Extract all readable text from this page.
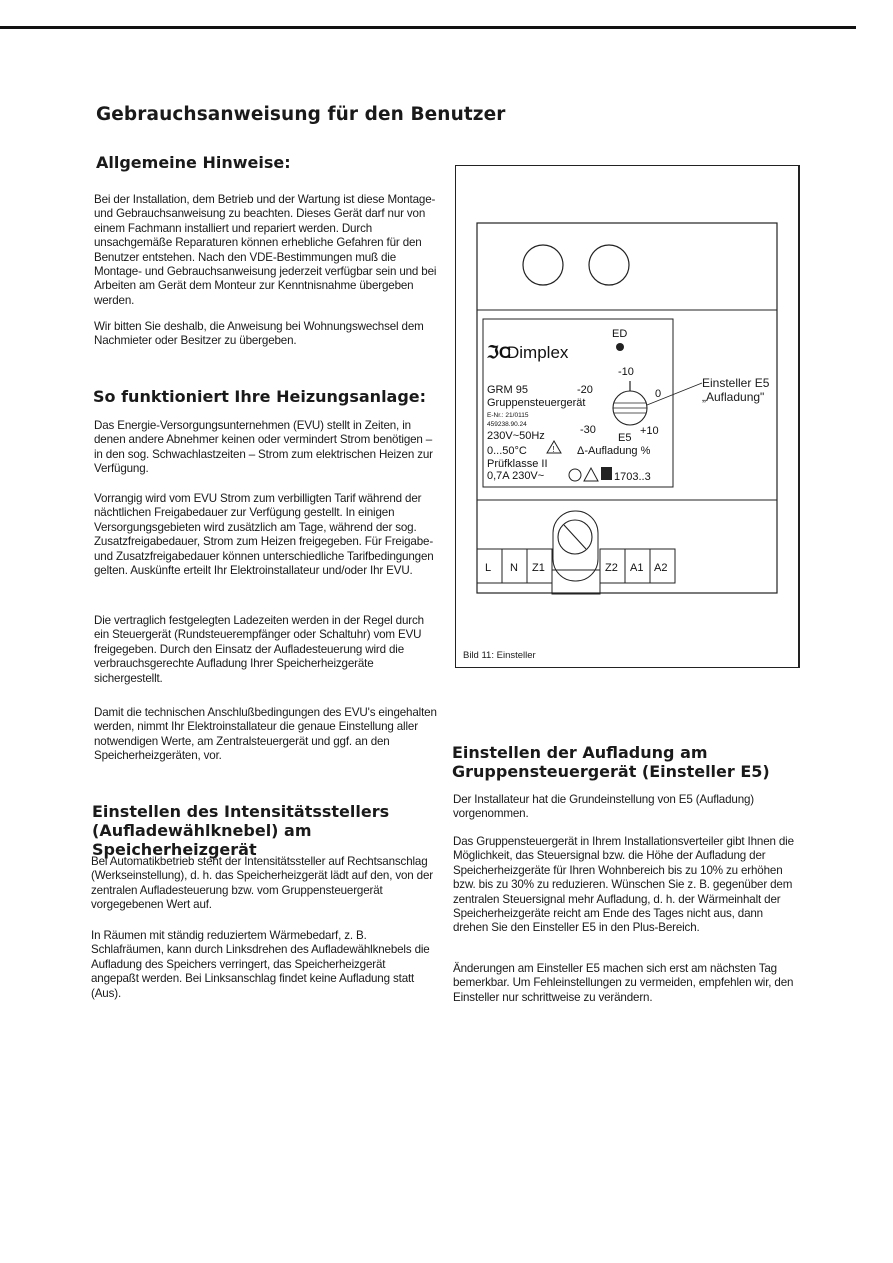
Gebrauchsanweisung für den Benutzer
Allgemeine Hinweise:

Bei der Installation, dem Betrieb und der Wartung ist diese Montage- und Gebrauchsanweisung zu beachten. Dieses Gerät darf nur von einem Fachmann installiert und repariert werden. Durch unsachgemäße Reparaturen können erhebliche Gefahren für den Benutzer entstehen. Nach den VDE-Bestimmungen muß die Montage- und Gebrauchsanweisung jederzeit verfügbar sein und bei Arbeiten am Gerät dem Monteur zur Kenntnisnahme übergeben werden.

Wir bitten Sie deshalb, die Anweisung bei Wohnungswechsel dem Nachmieter oder Besitzer zu übergeben.

So funktioniert Ihre Heizungsanlage:

Das Energie-Versorgungsunternehmen (EVU) stellt in Zeiten, in denen andere Abnehmer keinen oder vermindert Strom benötigen – in den sog. Schwachlastzeiten – Strom zum elektrischen Heizen zur Verfügung.

Vorrangig wird vom EVU Strom zum verbilligten Tarif während der nächtlichen Freigabedauer zur Verfügung gestellt. In einigen Versorgungsgebieten wird zusätzlich am Tage, während der sog. Zusatzfreigabedauer, Strom zum Heizen freigegeben. Für Freigabe- und Zusatzfreigabedauer können unterschiedliche Tarifbedingungen gelten. Auskünfte erteilt Ihr Elektroinstallateur und/oder Ihr EVU.

Die vertraglich festgelegten Ladezeiten werden in der Regel durch ein Steuergerät (Rundsteuerempfänger oder Schaltuhr) vom EVU freigegeben. Durch den Einsatz der Aufladesteuerung wird die verbrauchsgerechte Aufladung Ihrer Speicherheizgeräte sichergestellt.

Damit die technischen Anschlußbedingungen des EVU's eingehalten werden, nimmt Ihr Elektroinstallateur die genaue Einstellung aller notwendigen Werte, am Zentralsteuergerät und ggf. an den Speicherheizgeräten, vor.

Einstellen des Intensitätsstellers (Aufladewählknebel) am Speicherheizgerät

Bei Automatikbetrieb steht der Intensitätssteller auf Rechtsanschlag (Werkseinstellung), d. h. das Speicherheizgerät lädt auf den, von der zentralen Aufladesteuerung bzw. vom Gruppensteuergerät vorgegebenen Wert auf.

In Räumen mit ständig reduziertem Wärmebedarf, z. B. Schlafräumen, kann durch Linksdrehen des Aufladewählknebels die Aufladung des Speichers verringert, das Speicherheizgerät angepaßt werden. Bei Linksanschlag findet keine Aufladung statt (Aus).

Einstellen der Aufladung am Gruppensteuergerät (Einsteller E5)

Der Installateur hat die Grundeinstellung von E5 (Aufladung) vorgenommen.

Das Gruppensteuergerät in Ihrem Installationsverteiler gibt Ihnen die Möglichkeit, das Steuersignal bzw. die Höhe der Aufladung der Speicherheizgeräte für Ihren Wohnbereich bis zu 10% zu erhöhen bzw. bis zu 30% zu reduzieren. Wünschen Sie z. B. gegenüber dem zentralen Steuersignal mehr Aufladung, d. h. der Wärmeinhalt der Speicherheizgeräte reicht am Ende des Tages nicht aus, dann drehen Sie den Einsteller E5 in den Plus-Bereich.

Änderungen am Einsteller E5 machen sich erst am nächsten Tag bemerkbar. Um Fehleinstellungen zu vermeiden, empfehlen wir, den Einsteller nur schrittweise zu verändern.

ED
ℑC
Dimplex
-10
GRM 95	-20
Gruppensteuergerät
0
E-Nr.: 21/0115
459238.90.24
230V~50Hz	-30	+10
E5
0...50°C	! Δ-Aufladung %
Prüfklasse II
0,7A 230V~	1703..3
L N Z1	Z2 A1 A2
Einsteller E5
„Aufladung"
Bild 11: Einsteller
